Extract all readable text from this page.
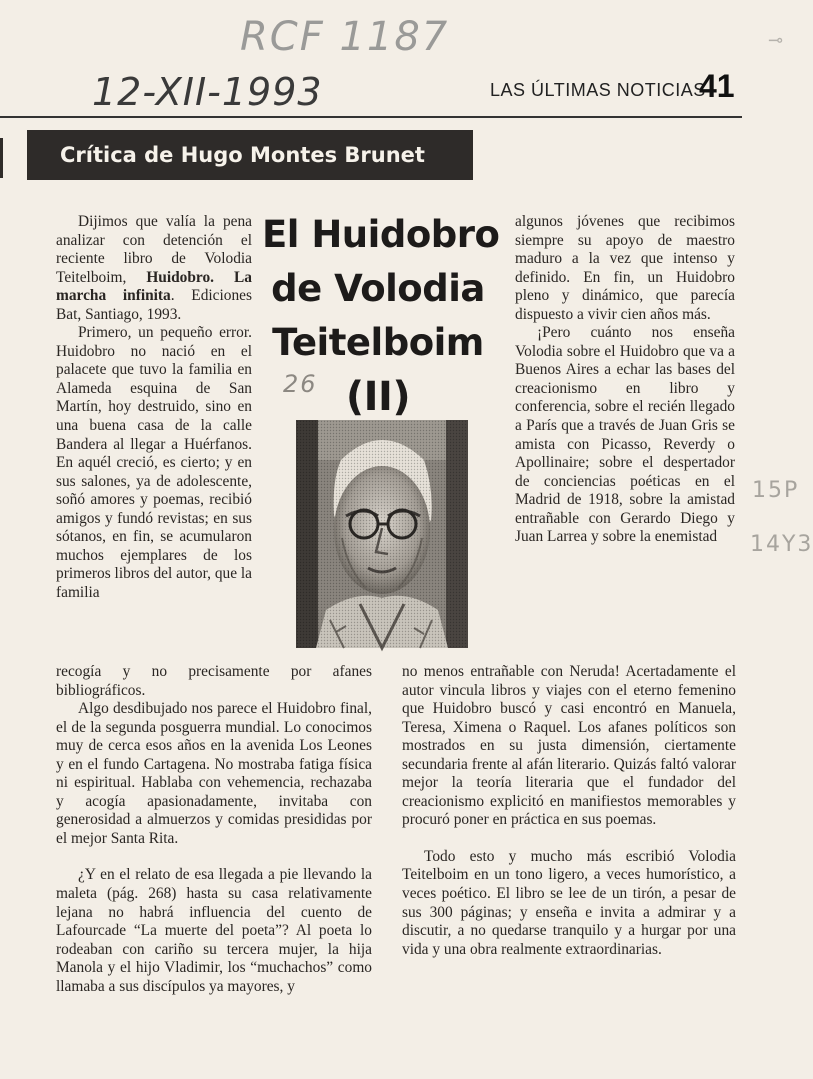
RCF 1187
12-XII-1993
⊸
LAS ÚLTIMAS NOTICIAS
41
Crítica de Hugo Montes Brunet
El Huidobro
de Volodia
Teitelboim
(II)
26

Dijimos que valía la pena analizar con detención el reciente libro de Volodia Teitelboim, Huidobro. La marcha infinita. Ediciones Bat, Santiago, 1993.

Primero, un pequeño error. Huidobro no nació en el palacete que tuvo la familia en Alameda esquina de San Martín, hoy destruido, sino en una buena casa de la calle Bandera al llegar a Huérfanos. En aquél creció, es cierto; y en sus salones, ya de adolescente, soñó amores y poemas, recibió amigos y fundó revistas; en sus sótanos, en fin, se acumularon muchos ejemplares de los primeros libros del autor, que la familia

recogía y no precisamente por afanes bibliográficos.

Algo desdibujado nos parece el Huidobro final, el de la segunda posguerra mundial. Lo conocimos muy de cerca esos años en la avenida Los Leones y en el fundo Cartagena. No mostraba fatiga física ni espiritual. Hablaba con vehemencia, rechazaba y acogía apasionadamente, invitaba con generosidad a almuerzos y comidas presididas por el mejor Santa Rita.

¿Y en el relato de esa llegada a pie llevando la maleta (pág. 268) hasta su casa relativamente lejana no habrá influencia del cuento de Lafourcade “La muerte del poeta”? Al poeta lo rodeaban con cariño su tercera mujer, la hija Manola y el hijo Vladimir, los “muchachos” como llamaba a sus discípulos ya mayores, y

algunos jóvenes que recibimos siempre su apoyo de maestro maduro a la vez que intenso y definido. En fin, un Huidobro pleno y dinámico, que parecía dispuesto a vivir cien años más.

¡Pero cuánto nos enseña Volodia sobre el Huidobro que va a Buenos Aires a echar las bases del creacionismo en libro y conferencia, sobre el recién llegado a París que a través de Juan Gris se amista con Picasso, Reverdy o Apollinaire; sobre el despertador de conciencias poéticas en el Madrid de 1918, sobre la amistad entrañable con Gerardo Diego y Juan Larrea y sobre la enemistad

no menos entrañable con Neruda! Acertadamente el autor vincula libros y viajes con el eterno femenino que Huidobro buscó y casi encontró en Manuela, Teresa, Ximena o Raquel. Los afanes políticos son mostrados en su justa dimensión, ciertamente secundaria frente al afán literario. Quizás faltó valorar mejor la teoría literaria que el fundador del creacionismo explicitó en manifiestos memorables y procuró poner en práctica en sus poemas.

Todo esto y mucho más escribió Volodia Teitelboim en un tono ligero, a veces humorístico, a veces poético. El libro se lee de un tirón, a pesar de sus 300 páginas; y enseña e invita a admirar y a discutir, a no quedarse tranquilo y a hurgar por una vida y una obra realmente extraordinarias.

15P
14Y3
